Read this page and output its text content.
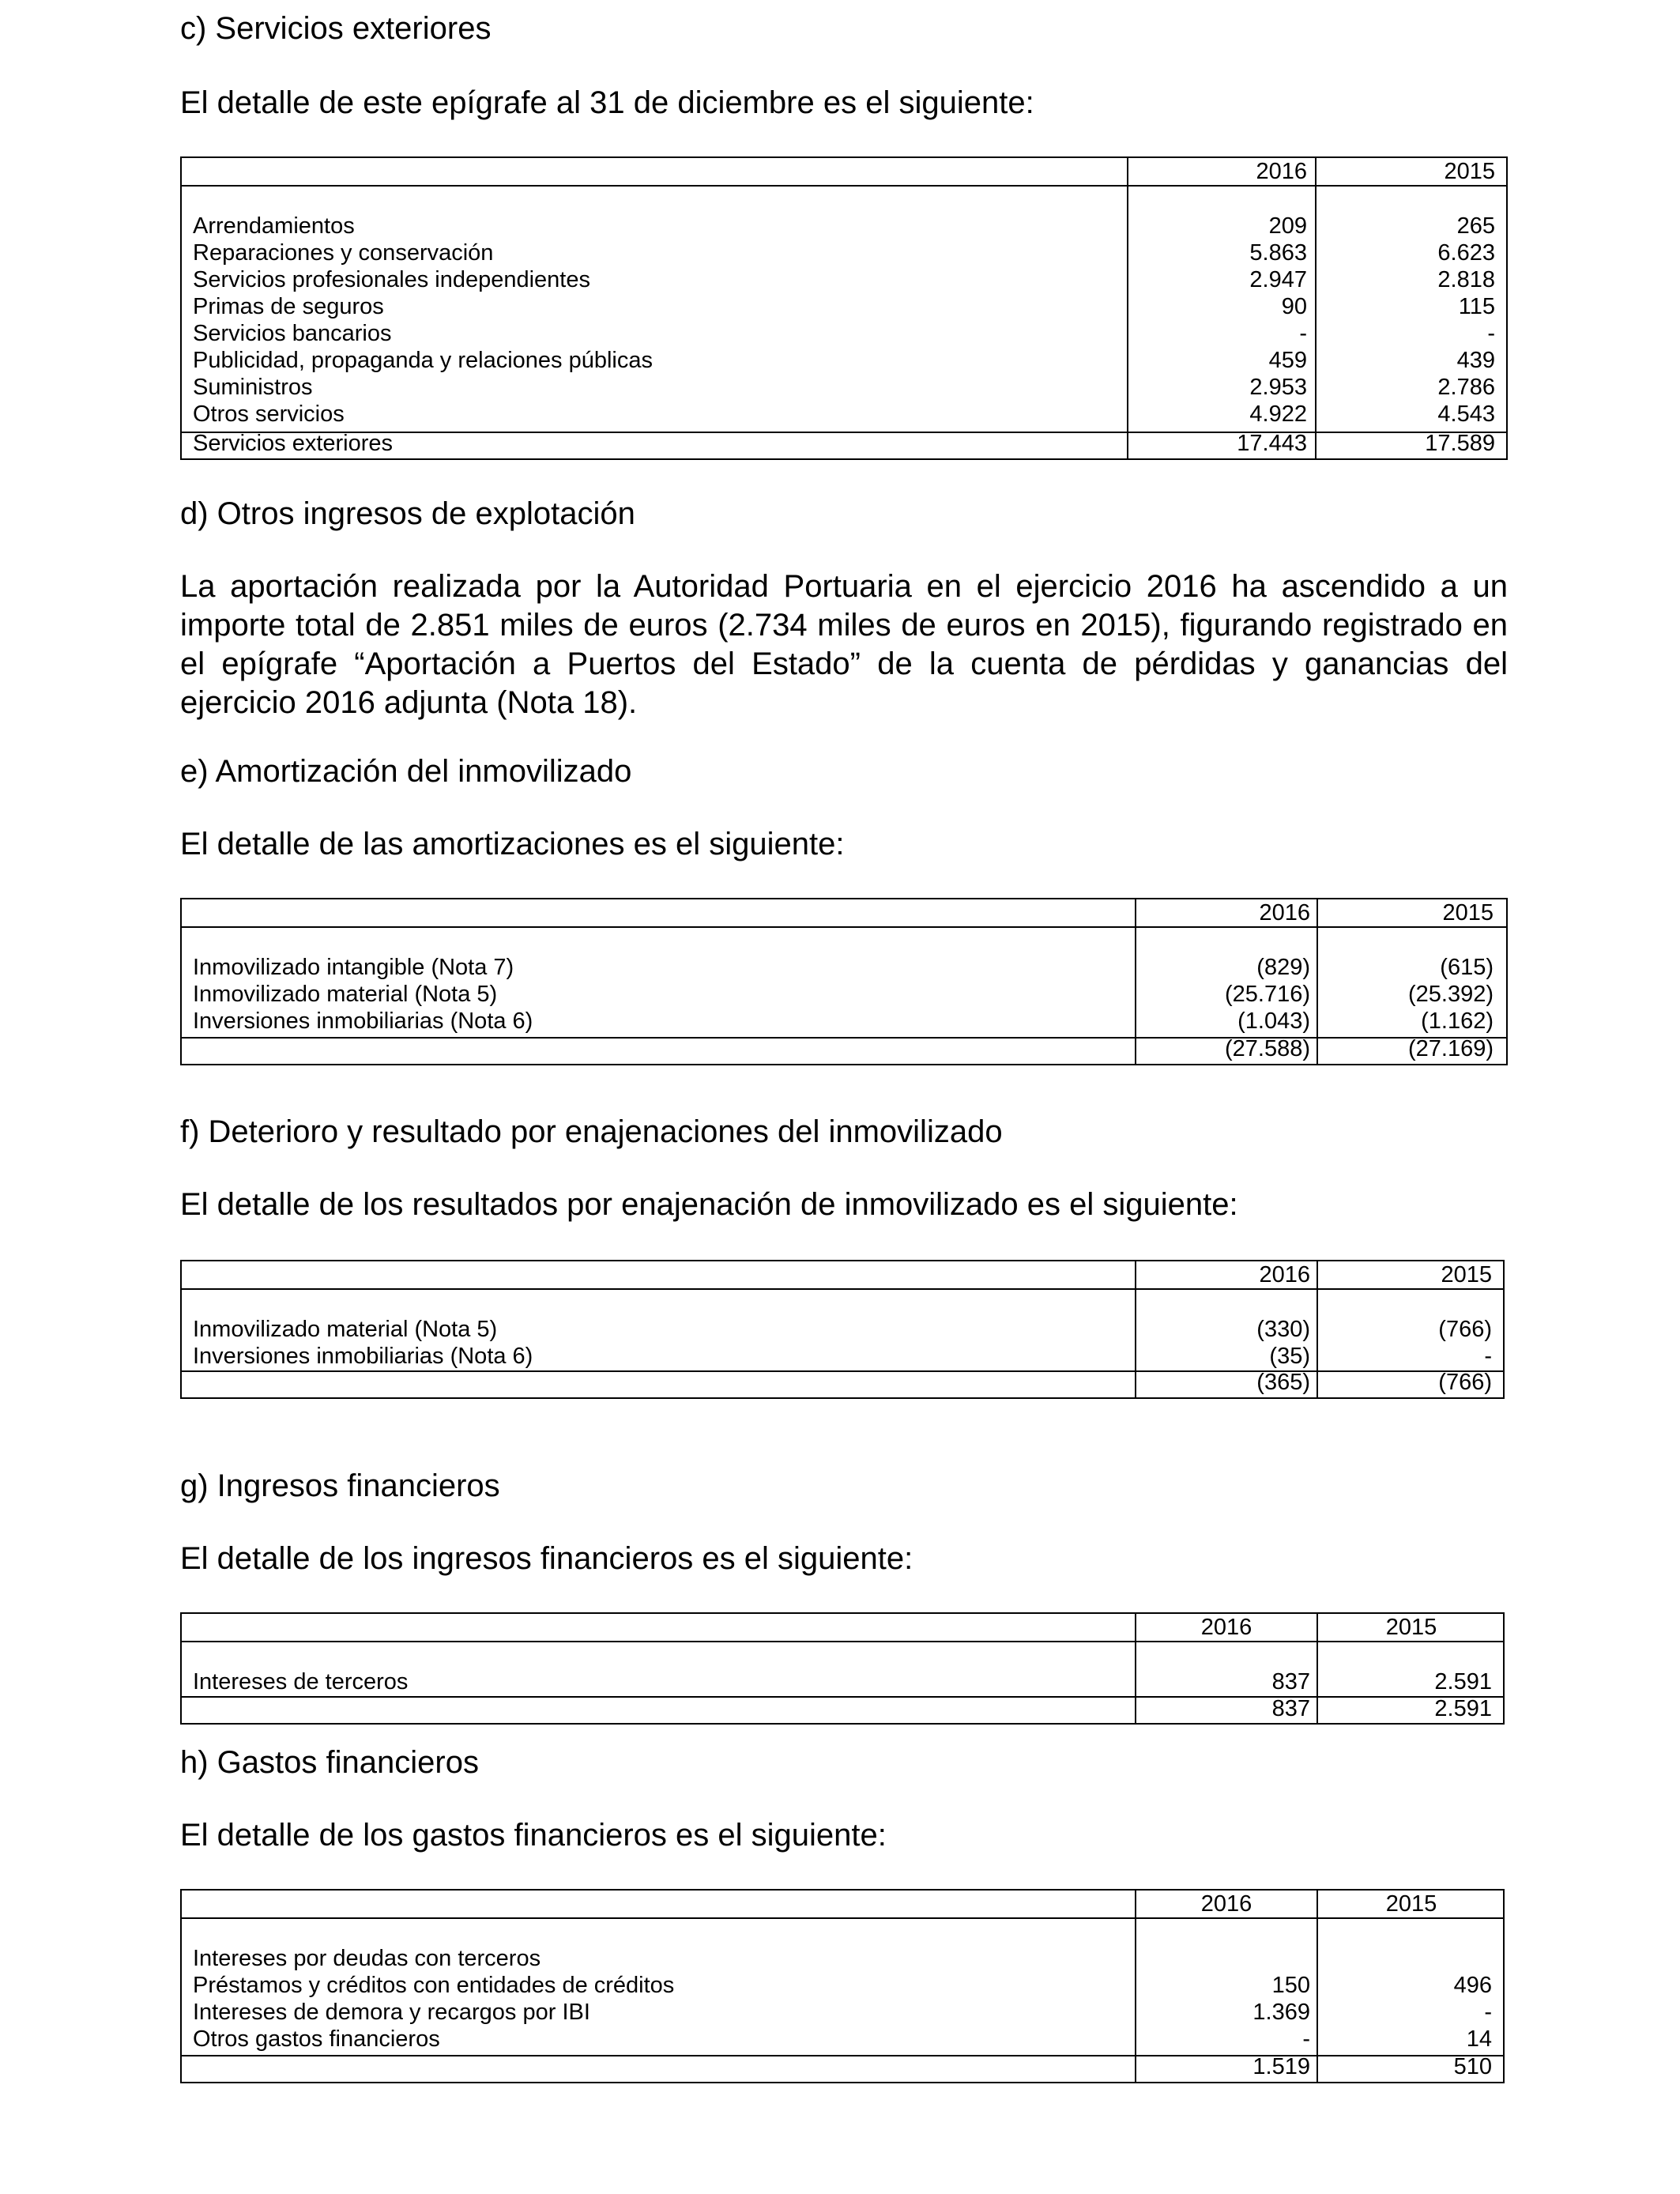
c) Servicios exteriores
El detalle de este epígrafe al 31 de diciembre es el siguiente:
2016	2015
Arrendamientos	209	265
Reparaciones y conservación	5.863	6.623
Servicios profesionales independientes	2.947	2.818
Primas de seguros	90	115
Servicios bancarios	-	-
Publicidad, propaganda y relaciones públicas	459	439
Suministros	2.953	2.786
Otros servicios	4.922	4.543
Servicios exteriores	17.443	17.589
d) Otros ingresos de explotación
La aportación realizada por la Autoridad Portuaria en el ejercicio 2016 ha ascendido a un importe total de 2.851 miles de euros (2.734 miles de euros en 2015), figurando registrado en el epígrafe “Aportación a Puertos del Estado” de la cuenta de pérdidas y ganancias del ejercicio 2016 adjunta (Nota 18).
e) Amortización del inmovilizado
El detalle de las amortizaciones es el siguiente:
2016	2015
Inmovilizado intangible (Nota 7)	(829)	(615)
Inmovilizado material (Nota 5)	(25.716)	(25.392)
Inversiones inmobiliarias (Nota 6)	(1.043)	(1.162)
(27.588)	(27.169)
f) Deterioro y resultado por enajenaciones del inmovilizado
El detalle de los resultados por enajenación de inmovilizado es el siguiente:
2016	2015
Inmovilizado material (Nota 5)	(330)	(766)
Inversiones inmobiliarias (Nota 6)	(35)	-
(365)	(766)
g) Ingresos financieros
El detalle de los ingresos financieros es el siguiente:
2016	2015
Intereses de terceros	837	2.591
837	2.591
h) Gastos financieros
El detalle de los gastos financieros es el siguiente:
2016	2015
Intereses por deudas con terceros
Préstamos y créditos con entidades de créditos	150	496
Intereses de demora y recargos por IBI	1.369	-
Otros gastos financieros	-	14
1.519	510
